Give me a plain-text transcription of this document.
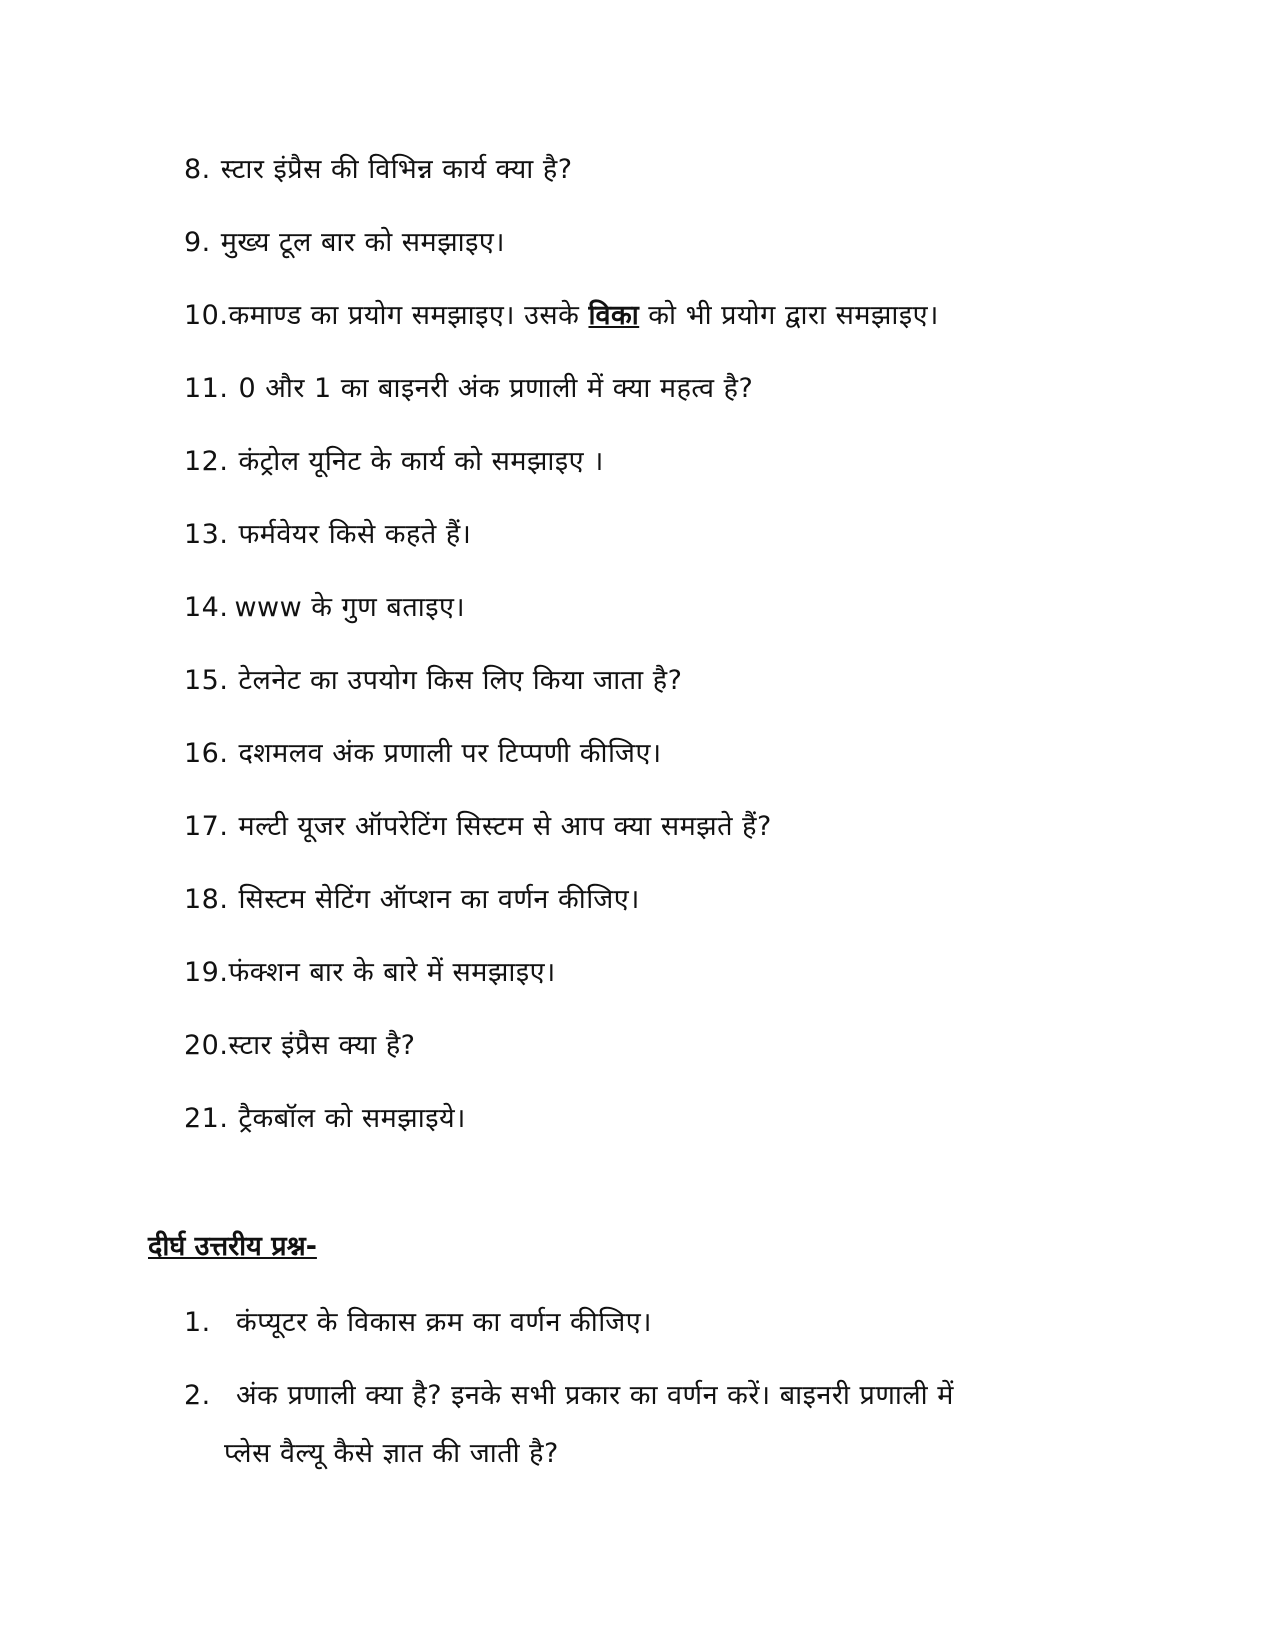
8. स्टार इंप्रैस की विभिन्न कार्य क्या है?
9. मुख्य टूल बार को समझाइए।
10.कमाण्ड का प्रयोग समझाइए। उसके विका को भी प्रयोग द्वारा समझाइए।
11. 0 और 1 का बाइनरी अंक प्रणाली में क्या महत्व है?
12. कंट्रोल यूनिट के कार्य को समझाइए ।
13. फर्मवेयर किसे कहते हैं।
14. www के गुण बताइए।
15. टेलनेट का उपयोग किस लिए किया जाता है?
16. दशमलव अंक प्रणाली पर टिप्पणी कीजिए।
17. मल्टी यूजर ऑपरेटिंग सिस्टम से आप क्या समझते हैं?
18. सिस्टम सेटिंग ऑप्शन का वर्णन कीजिए।
19.फंक्शन बार के बारे में समझाइए।
20.स्टार इंप्रैस क्या है?
21. ट्रैकबॉल को समझाइये।
दीर्घ उत्तरीय प्रश्न-
1. कंप्यूटर के विकास क्रम का वर्णन कीजिए।
2. अंक प्रणाली क्या है? इनके सभी प्रकार का वर्णन करें। बाइनरी प्रणाली में
प्लेस वैल्यू कैसे ज्ञात की जाती है?
